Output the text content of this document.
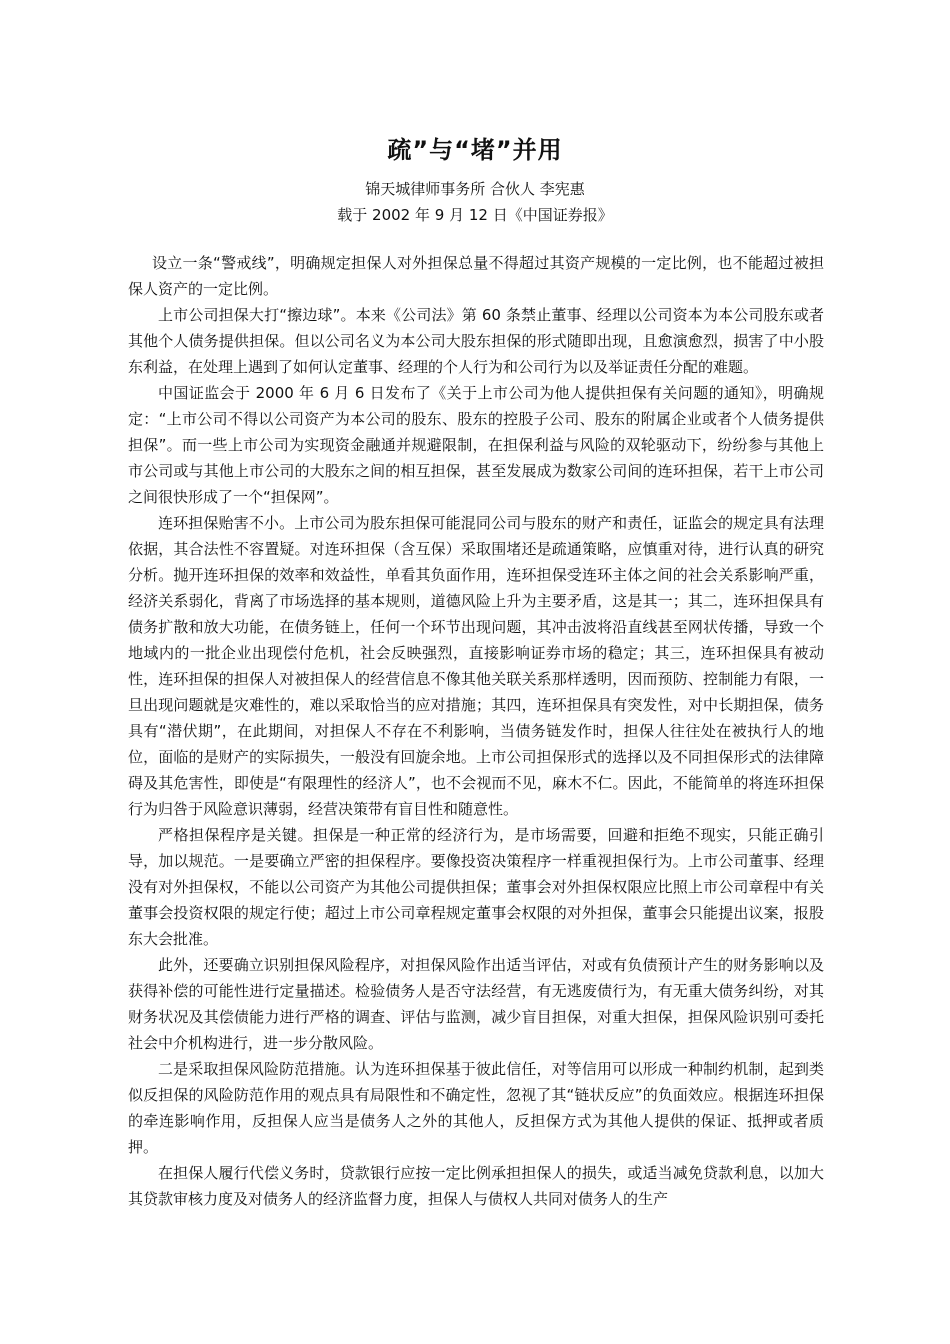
疏”与“堵”并用

锦天城律师事务所 合伙人 李宪惠

载于 2002 年 9 月 12 日《中国证券报》

设立一条“警戒线”，明确规定担保人对外担保总量不得超过其资产规模的一定比例，也不能超过被担保人资产的一定比例。

上市公司担保大打“擦边球”。本来《公司法》第 60 条禁止董事、经理以公司资本为本公司股东或者其他个人债务提供担保。但以公司名义为本公司大股东担保的形式随即出现，且愈演愈烈，损害了中小股东利益，在处理上遇到了如何认定董事、经理的个人行为和公司行为以及举证责任分配的难题。

中国证监会于 2000 年 6 月 6 日发布了《关于上市公司为他人提供担保有关问题的通知》，明确规定：“上市公司不得以公司资产为本公司的股东、股东的控股子公司、股东的附属企业或者个人债务提供担保”。而一些上市公司为实现资金融通并规避限制，在担保利益与风险的双轮驱动下，纷纷参与其他上市公司或与其他上市公司的大股东之间的相互担保，甚至发展成为数家公司间的连环担保，若干上市公司之间很快形成了一个“担保网”。

连环担保贻害不小。上市公司为股东担保可能混同公司与股东的财产和责任，证监会的规定具有法理依据，其合法性不容置疑。对连环担保（含互保）采取围堵还是疏通策略，应慎重对待，进行认真的研究分析。抛开连环担保的效率和效益性，单看其负面作用，连环担保受连环主体之间的社会关系影响严重，经济关系弱化，背离了市场选择的基本规则，道德风险上升为主要矛盾，这是其一；其二，连环担保具有债务扩散和放大功能，在债务链上，任何一个环节出现问题，其冲击波将沿直线甚至网状传播，导致一个地域内的一批企业出现偿付危机，社会反映强烈，直接影响证券市场的稳定；其三，连环担保具有被动性，连环担保的担保人对被担保人的经营信息不像其他关联关系那样透明，因而预防、控制能力有限，一旦出现问题就是灾难性的，难以采取恰当的应对措施；其四，连环担保具有突发性，对中长期担保，债务具有“潜伏期”，在此期间，对担保人不存在不利影响，当债务链发作时，担保人往往处在被执行人的地位，面临的是财产的实际损失，一般没有回旋余地。上市公司担保形式的选择以及不同担保形式的法律障碍及其危害性，即使是“有限理性的经济人”，也不会视而不见，麻木不仁。因此，不能简单的将连环担保行为归咎于风险意识薄弱，经营决策带有盲目性和随意性。

严格担保程序是关键。担保是一种正常的经济行为，是市场需要，回避和拒绝不现实，只能正确引导，加以规范。一是要确立严密的担保程序。要像投资决策程序一样重视担保行为。上市公司董事、经理没有对外担保权，不能以公司资产为其他公司提供担保；董事会对外担保权限应比照上市公司章程中有关董事会投资权限的规定行使；超过上市公司章程规定董事会权限的对外担保，董事会只能提出议案，报股东大会批准。

此外，还要确立识别担保风险程序，对担保风险作出适当评估，对或有负债预计产生的财务影响以及获得补偿的可能性进行定量描述。检验债务人是否守法经营，有无逃废债行为，有无重大债务纠纷，对其财务状况及其偿债能力进行严格的调查、评估与监测，减少盲目担保，对重大担保，担保风险识别可委托社会中介机构进行，进一步分散风险。

二是采取担保风险防范措施。认为连环担保基于彼此信任，对等信用可以形成一种制约机制，起到类似反担保的风险防范作用的观点具有局限性和不确定性，忽视了其“链状反应”的负面效应。根据连环担保的牵连影响作用，反担保人应当是债务人之外的其他人，反担保方式为其他人提供的保证、抵押或者质押。

在担保人履行代偿义务时，贷款银行应按一定比例承担担保人的损失，或适当减免贷款利息，以加大其贷款审核力度及对债务人的经济监督力度，担保人与债权人共同对债务人的生产
